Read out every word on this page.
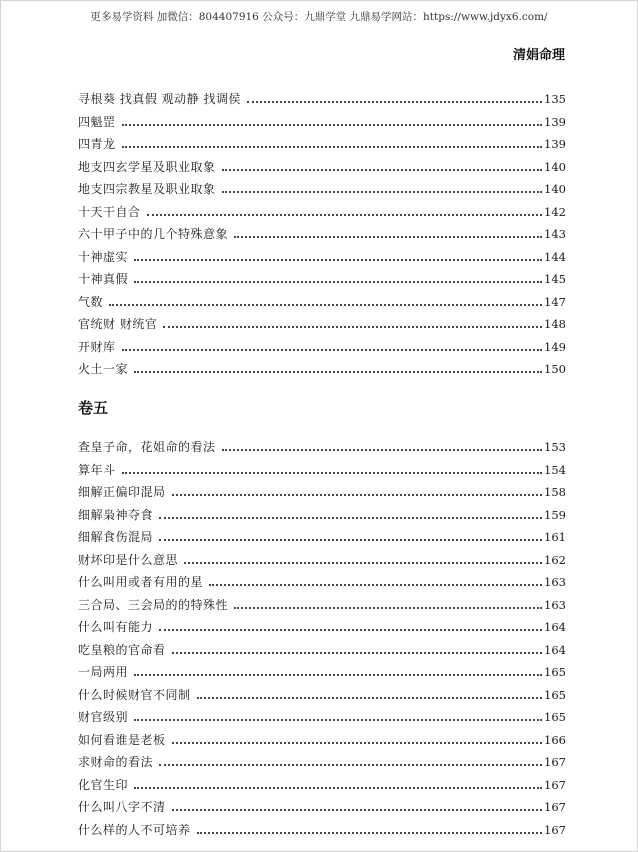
更多易学资料 加微信：804407916 公众号：九鼎学堂 九鼎易学网站：https://www.jdyx6.com/
清娟命理
寻根葵 找真假 观动静 找调侯	135
四魁罡	139
四青龙	139
地支四玄学星及职业取象	140
地支四宗教星及职业取象	140
十天干自合	142
六十甲子中的几个特殊意象	143
十神虚实	144
十神真假	145
气数	147
官统财 财统官	148
开财库	149
火土一家	150
卷五
查皇子命，花姐命的看法	153
算年斗	154
细解正偏印混局	158
细解枭神夺食	159
细解食伤混局	161
财坏印是什么意思	162
什么叫用或者有用的星	163
三合局、三会局的的特殊性	163
什么叫有能力	164
吃皇粮的官命看	164
一局两用	165
什么时候财官不同制	165
财官级别	165
如何看谁是老板	166
求财命的看法	167
化官生印	167
什么叫八字不清	167
什么样的人不可培养	167
